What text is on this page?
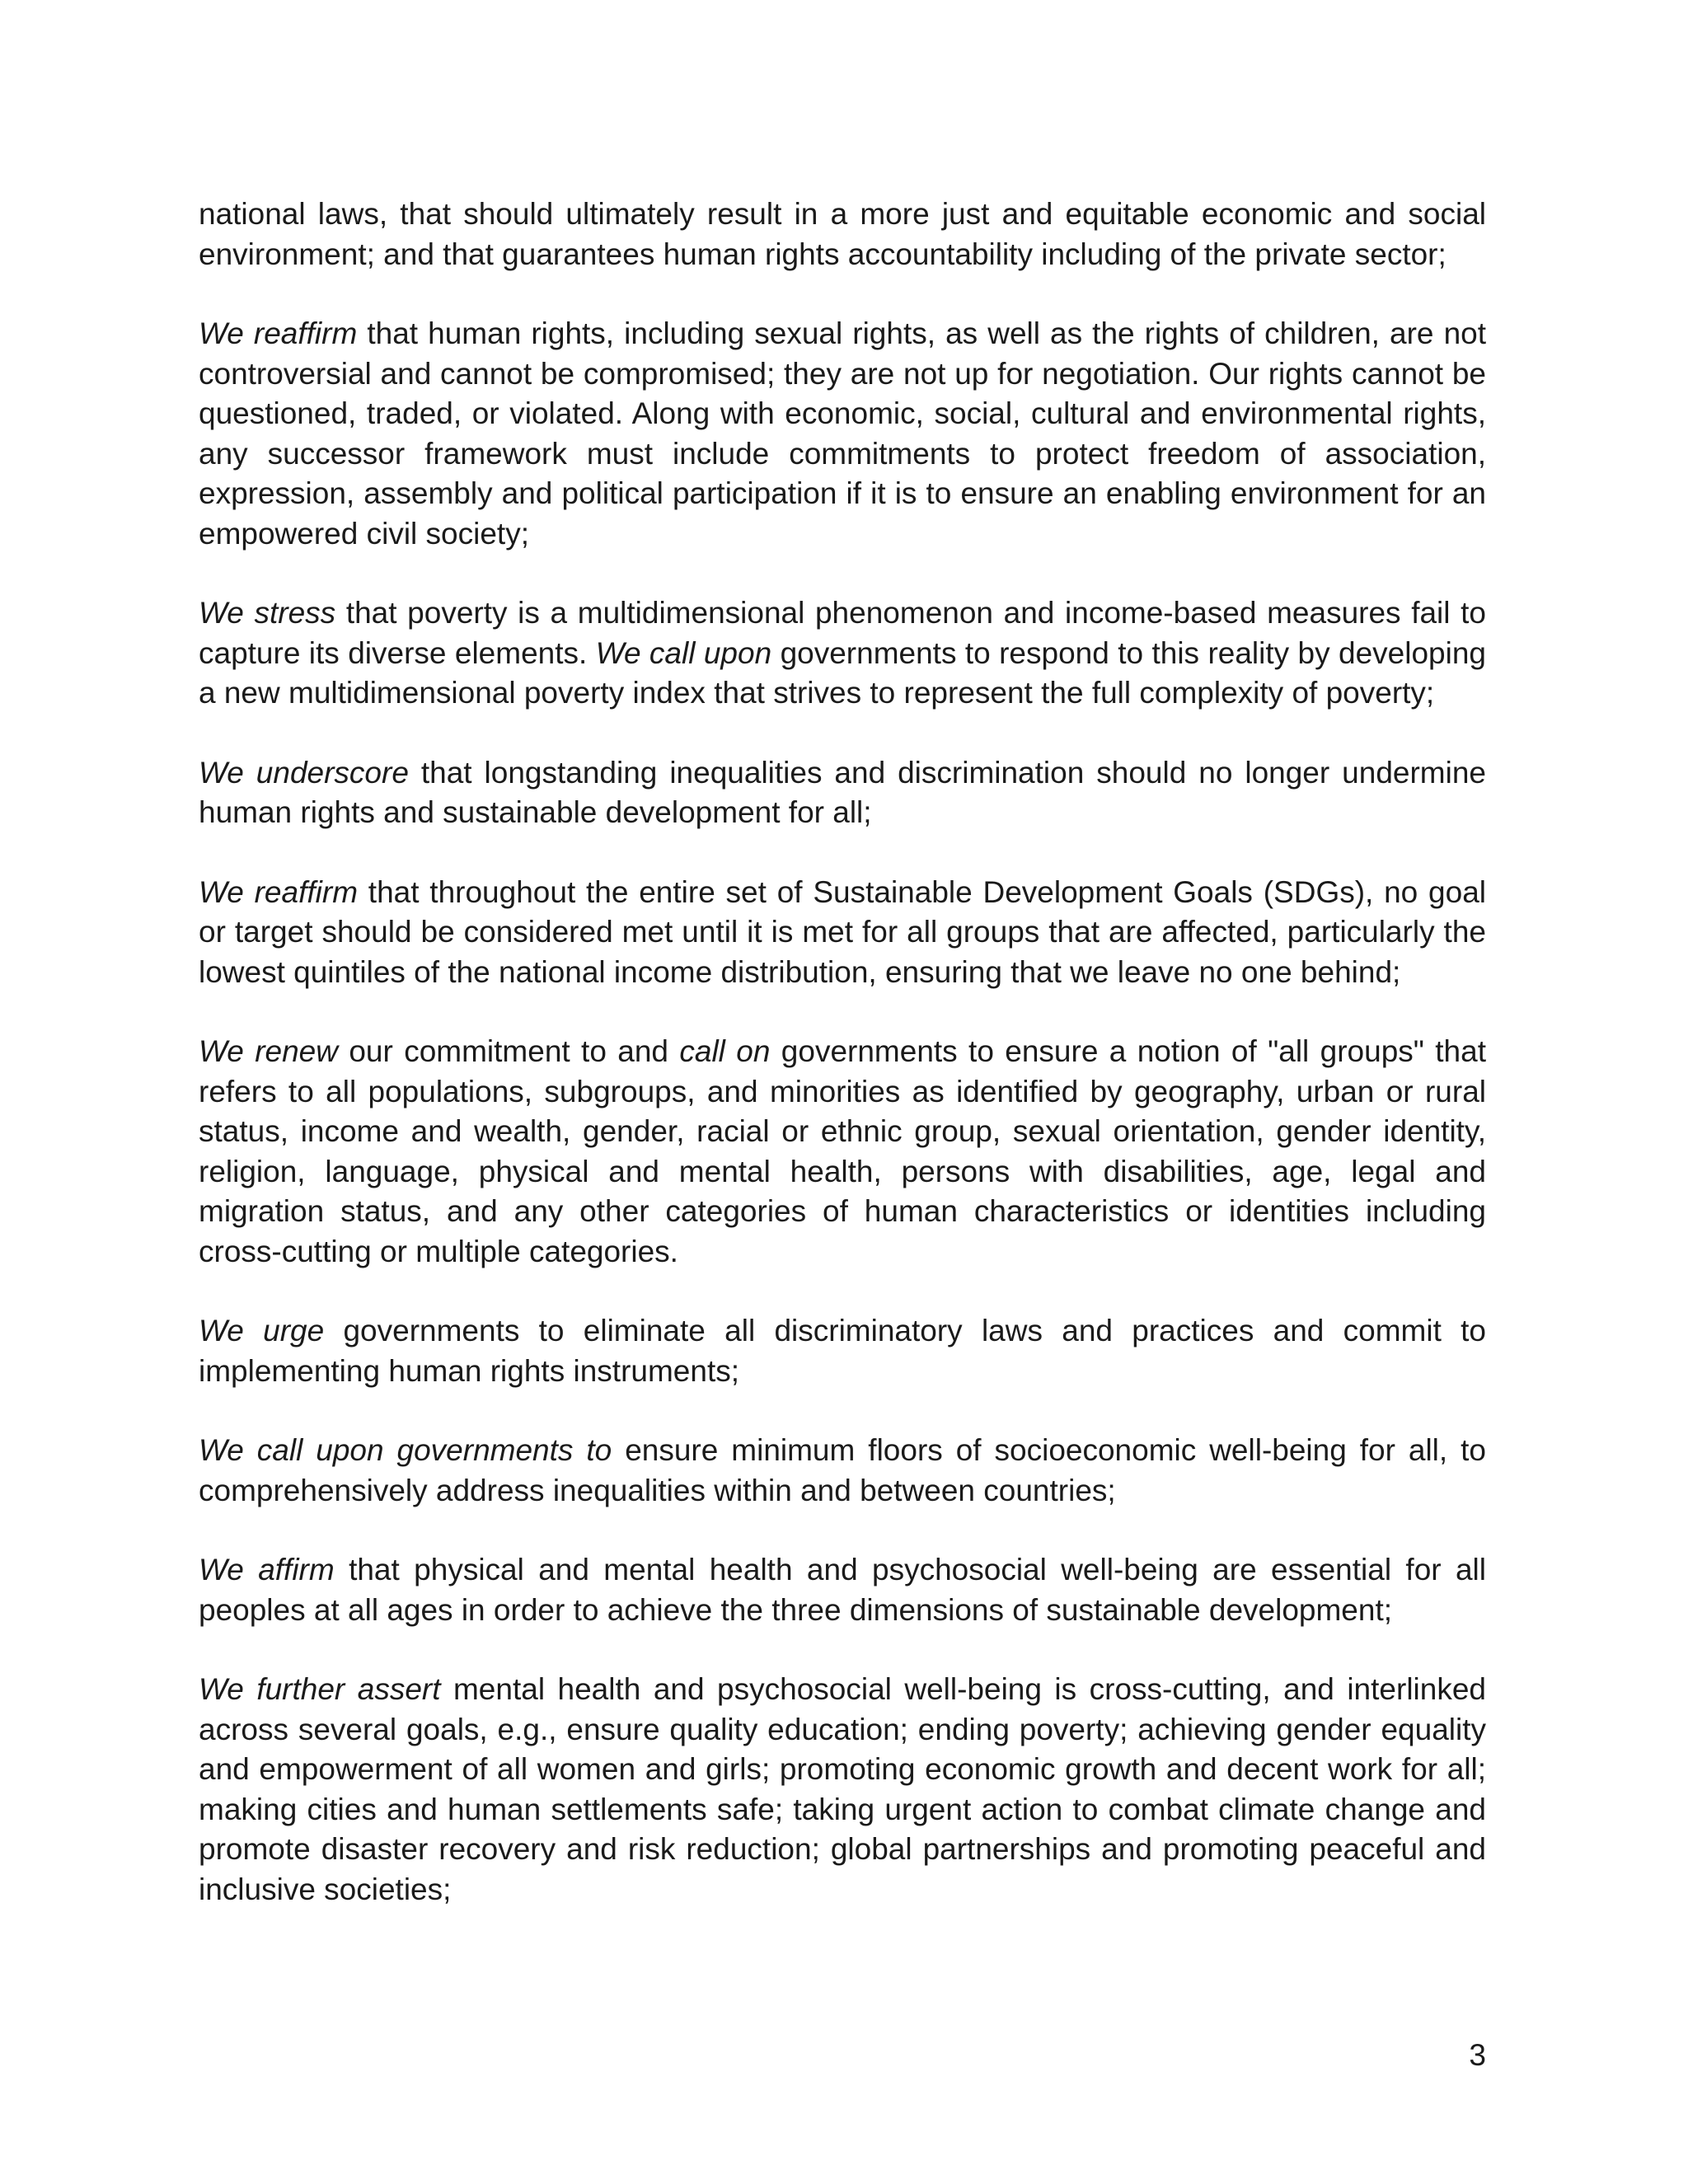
national laws, that should ultimately result in a more just and equitable economic and social environment; and that guarantees human rights accountability including of the private sector;

We reaffirm that human rights, including sexual rights, as well as the rights of children, are not controversial and cannot be compromised; they are not up for negotiation. Our rights cannot be questioned, traded, or violated. Along with economic, social, cultural and environmental rights, any successor framework must include commitments to protect freedom of association, expression, assembly and political participation if it is to ensure an enabling environment for an empowered civil society;

We stress that poverty is a multidimensional phenomenon and income-based measures fail to capture its diverse elements. We call upon governments to respond to this reality by developing a new multidimensional poverty index that strives to represent the full complexity of poverty;

We underscore that longstanding inequalities and discrimination should no longer undermine human rights and sustainable development for all;

We reaffirm that throughout the entire set of Sustainable Development Goals (SDGs), no goal or target should be considered met until it is met for all groups that are affected, particularly the lowest quintiles of the national income distribution, ensuring that we leave no one behind;

We renew our commitment to and call on governments to ensure a notion of "all groups" that refers to all populations, subgroups, and minorities as identified by geography, urban or rural status, income and wealth, gender, racial or ethnic group, sexual orientation, gender identity, religion, language, physical and mental health, persons with disabilities, age, legal and migration status, and any other categories of human characteristics or identities including cross-cutting or multiple categories.

We urge governments to eliminate all discriminatory laws and practices and commit to implementing human rights instruments;

We call upon governments to ensure minimum floors of socioeconomic well-being for all, to comprehensively address inequalities within and between countries;

We affirm that physical and mental health and psychosocial well-being are essential for all peoples at all ages in order to achieve the three dimensions of sustainable development;

We further assert mental health and psychosocial well-being is cross-cutting, and interlinked across several goals, e.g., ensure quality education; ending poverty; achieving gender equality and empowerment of all women and girls; promoting economic growth and decent work for all; making cities and human settlements safe; taking urgent action to combat climate change and promote disaster recovery and risk reduction; global partnerships and promoting peaceful and inclusive societies;

3
